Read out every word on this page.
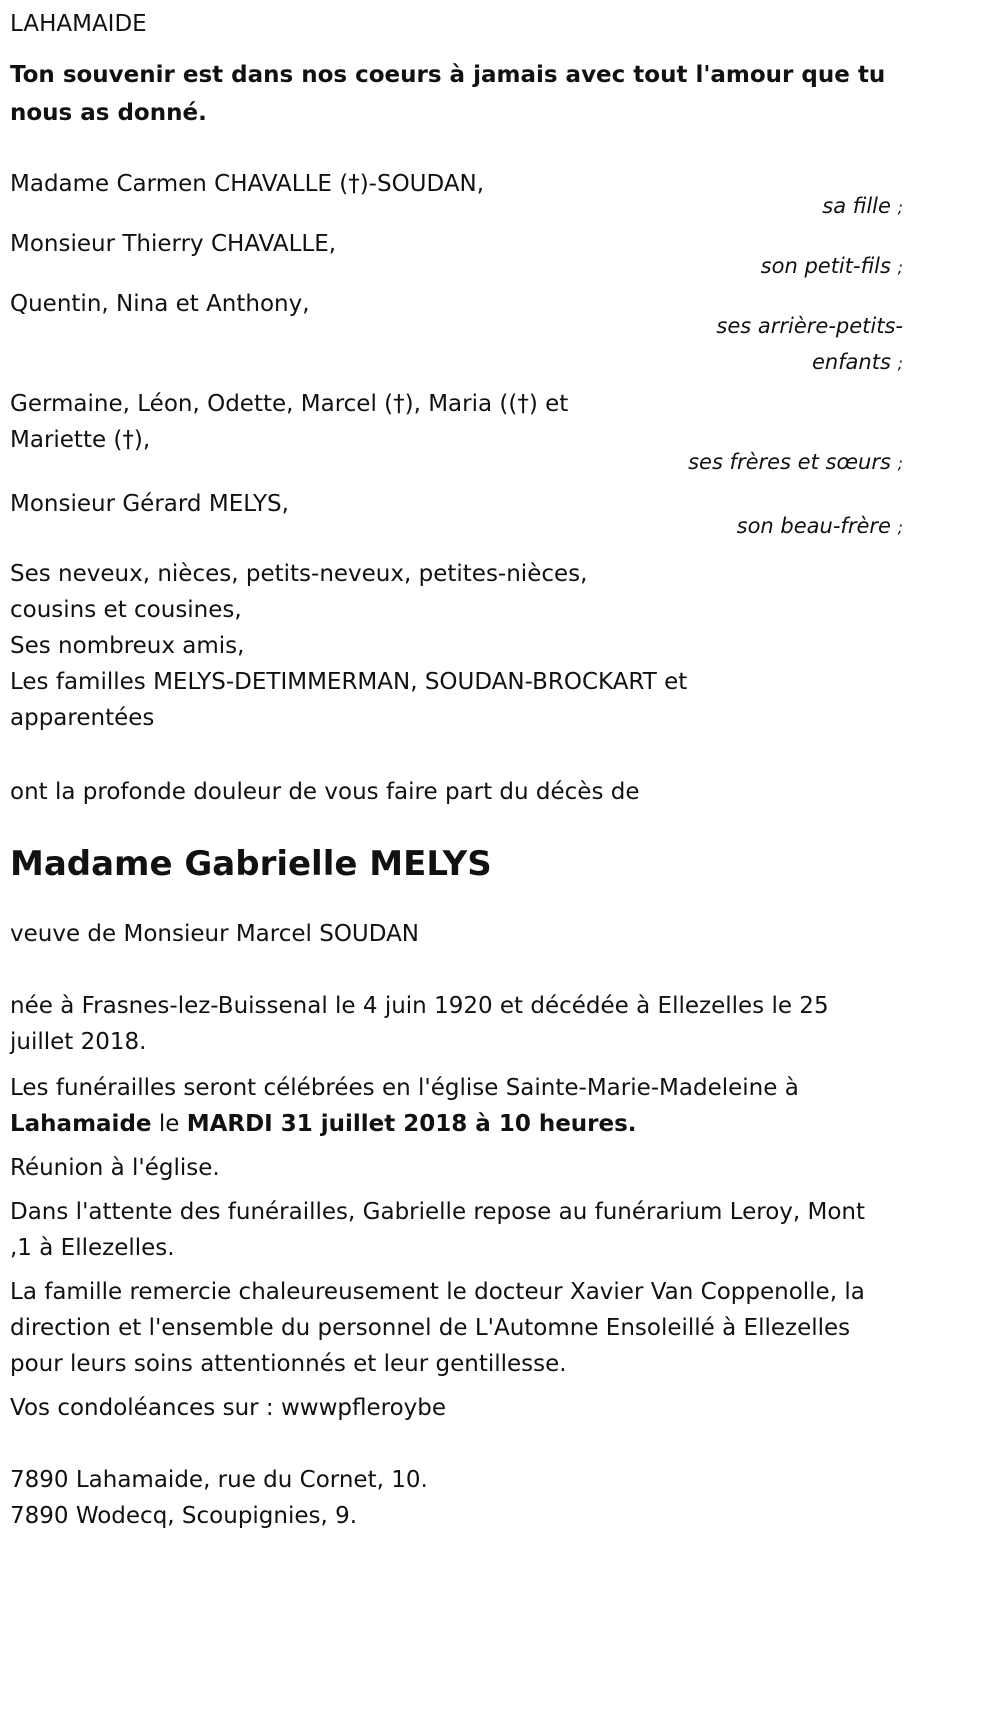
LAHAMAIDE
Ton souvenir est dans nos coeurs à jamais avec tout l'amour que tu nous as donné.
Madame Carmen CHAVALLE (†)-SOUDAN,
sa fille ;
Monsieur Thierry CHAVALLE,
son petit-fils ;
Quentin, Nina et Anthony,
ses arrière-petits-enfants ;
Germaine, Léon, Odette, Marcel (†), Maria ((†) et Mariette (†),
ses frères et sœurs ;
Monsieur Gérard MELYS,
son beau-frère ;
Ses neveux, nièces, petits-neveux, petites-nièces, cousins et cousines,
Ses nombreux amis,
Les familles MELYS-DETIMMERMAN, SOUDAN-BROCKART et apparentées
ont la profonde douleur de vous faire part du décès de
Madame Gabrielle MELYS
veuve de Monsieur Marcel SOUDAN
née à Frasnes-lez-Buissenal le 4 juin 1920 et décédée à Ellezelles le 25 juillet 2018.
Les funérailles seront célébrées en l'église Sainte-Marie-Madeleine à Lahamaide le MARDI 31 juillet 2018 à 10 heures.
Réunion à l'église.
Dans l'attente des funérailles, Gabrielle repose au funérarium Leroy, Mont ,1 à Ellezelles.
La famille remercie chaleureusement le docteur Xavier Van Coppenolle, la direction et l'ensemble du personnel de L'Automne Ensoleillé à Ellezelles pour leurs soins attentionnés et leur gentillesse.
Vos condoléances sur : wwwpfleroybe
7890 Lahamaide, rue du Cornet, 10.
7890 Wodecq, Scoupignies, 9.
